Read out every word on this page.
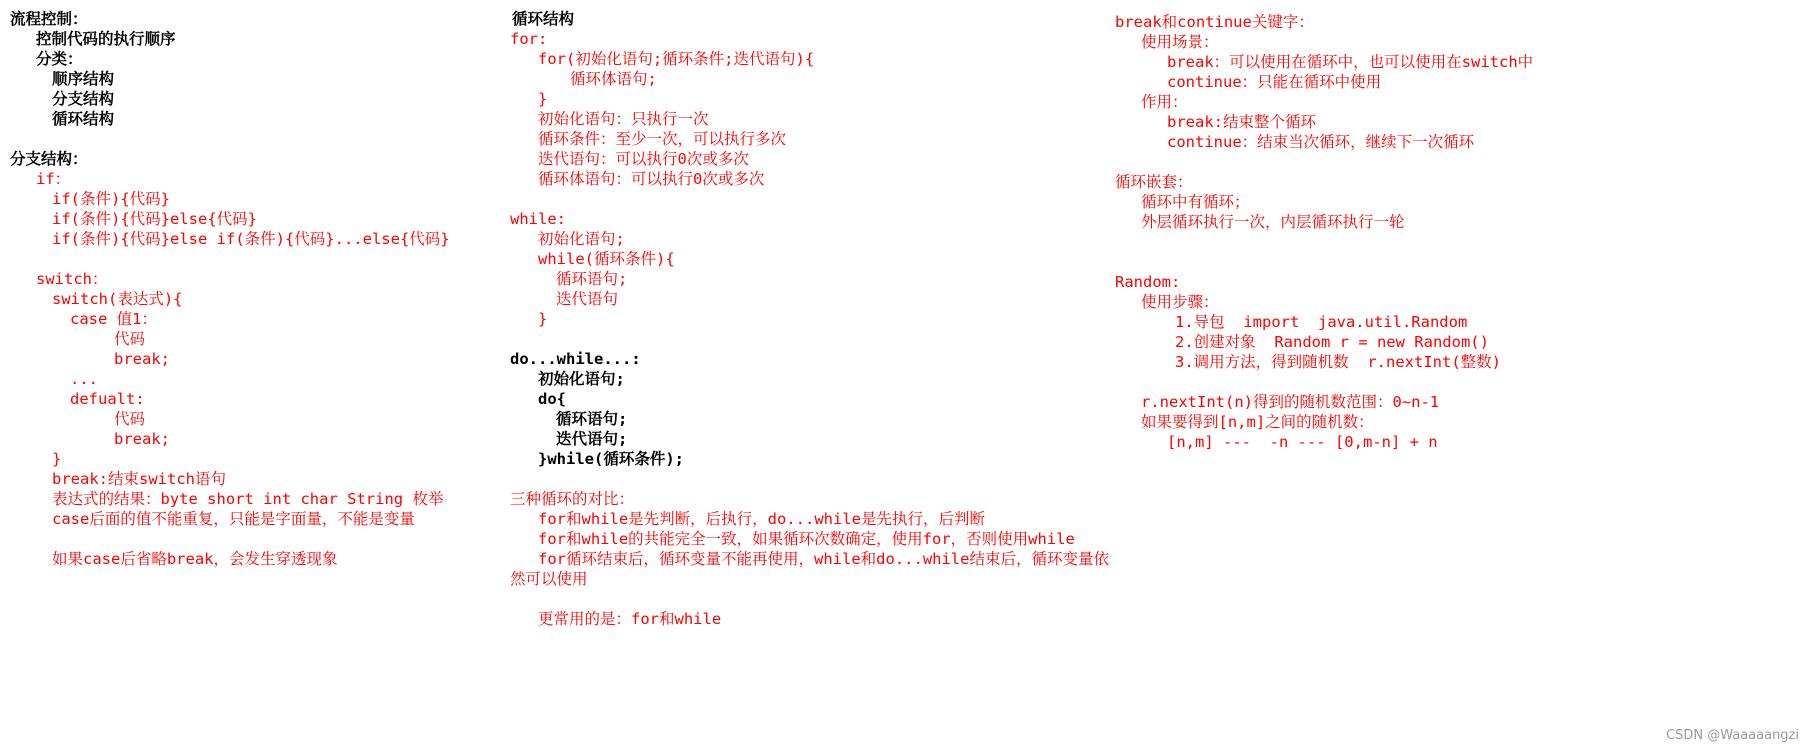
流程控制：
控制代码的执行顺序
分类：
顺序结构
分支结构
循环结构
分支结构：
if：
if(条件){代码}
if(条件){代码}else{代码}
if(条件){代码}else if(条件){代码}...else{代码}
switch：
switch(表达式){
case 值1：
代码
break;
...
defualt:
代码
break;
}
break:结束switch语句
表达式的结果：byte short int char String 枚举
case后面的值不能重复，只能是字面量，不能是变量
如果case后省略break，会发生穿透现象
循环结构
for:
for(初始化语句;循环条件;迭代语句){
循环体语句;
}
初始化语句：只执行一次
循环条件：至少一次，可以执行多次
迭代语句：可以执行0次或多次
循环体语句：可以执行0次或多次
while:
初始化语句;
while(循环条件){
循环语句;
迭代语句
}
do...while...:
初始化语句;
do{
循环语句;
迭代语句;
}while(循环条件);
三种循环的对比：
for和while是先判断，后执行，do...while是先执行，后判断
for和while的共能完全一致，如果循环次数确定，使用for，否则使用while
for循环结束后，循环变量不能再使用，while和do...while结束后，循环变量依
然可以使用
更常用的是：for和while
break和continue关键字：
使用场景：
break：可以使用在循环中，也可以使用在switch中
continue：只能在循环中使用
作用：
break:结束整个循环
continue：结束当次循环，继续下一次循环
循环嵌套：
循环中有循环；
外层循环执行一次，内层循环执行一轮
Random:
使用步骤：
1.导包  import  java.util.Random
2.创建对象  Random r = new Random()
3.调用方法，得到随机数  r.nextInt(整数)
r.nextInt(n)得到的随机数范围：0~n-1
如果要得到[n,m]之间的随机数：
[n,m] ---  -n --- [0,m-n] + n
CSDN @Waaaaangzi
